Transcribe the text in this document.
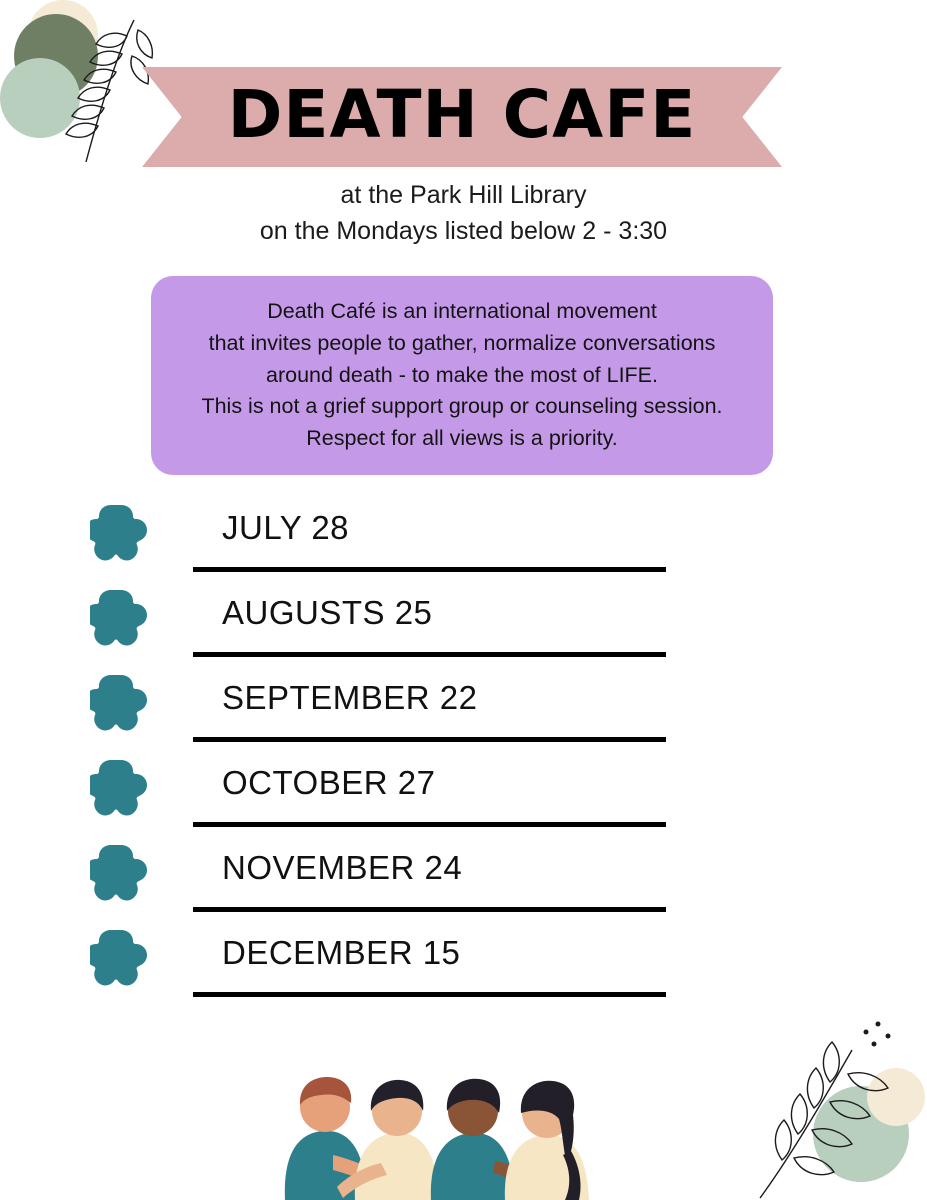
DEATH CAFE
at the Park Hill Library
on the Mondays listed below 2 - 3:30
Death Café is an international movement
that invites people to gather, normalize conversations
around death - to make the most of LIFE.
This is not a grief support group or counseling session.
Respect for all views is a priority.
JULY 28
AUGUSTS 25
SEPTEMBER 22
OCTOBER 27
NOVEMBER 24
DECEMBER 15
